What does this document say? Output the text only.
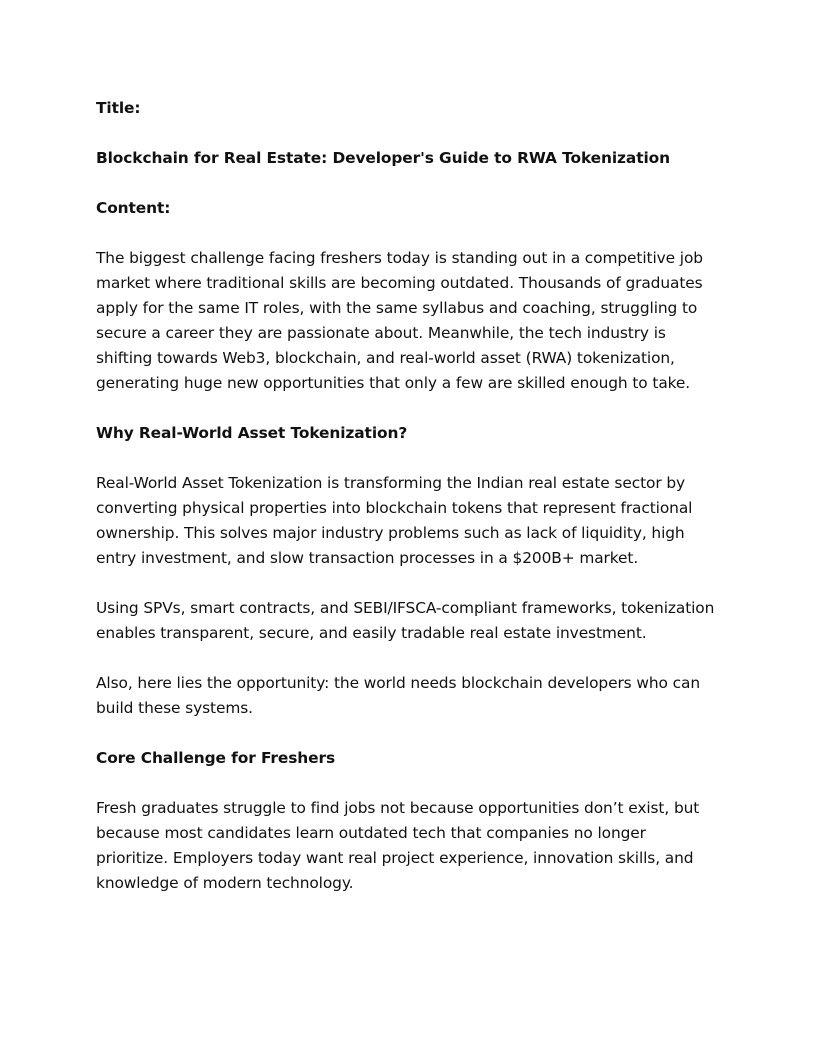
Title:

Blockchain for Real Estate: Developer's Guide to RWA Tokenization

Content:

The biggest challenge facing freshers today is standing out in a competitive job market where traditional skills are becoming outdated. Thousands of graduates apply for the same IT roles, with the same syllabus and coaching, struggling to secure a career they are passionate about. Meanwhile, the tech industry is shifting towards Web3, blockchain, and real-world asset (RWA) tokenization, generating huge new opportunities that only a few are skilled enough to take.

Why Real-World Asset Tokenization?

Real-World Asset Tokenization is transforming the Indian real estate sector by converting physical properties into blockchain tokens that represent fractional ownership. This solves major industry problems such as lack of liquidity, high entry investment, and slow transaction processes in a $200B+ market.

Using SPVs, smart contracts, and SEBI/IFSCA-compliant frameworks, tokenization enables transparent, secure, and easily tradable real estate investment.

Also, here lies the opportunity: the world needs blockchain developers who can build these systems.

Core Challenge for Freshers

Fresh graduates struggle to find jobs not because opportunities don’t exist, but because most candidates learn outdated tech that companies no longer prioritize. Employers today want real project experience, innovation skills, and knowledge of modern technology.
